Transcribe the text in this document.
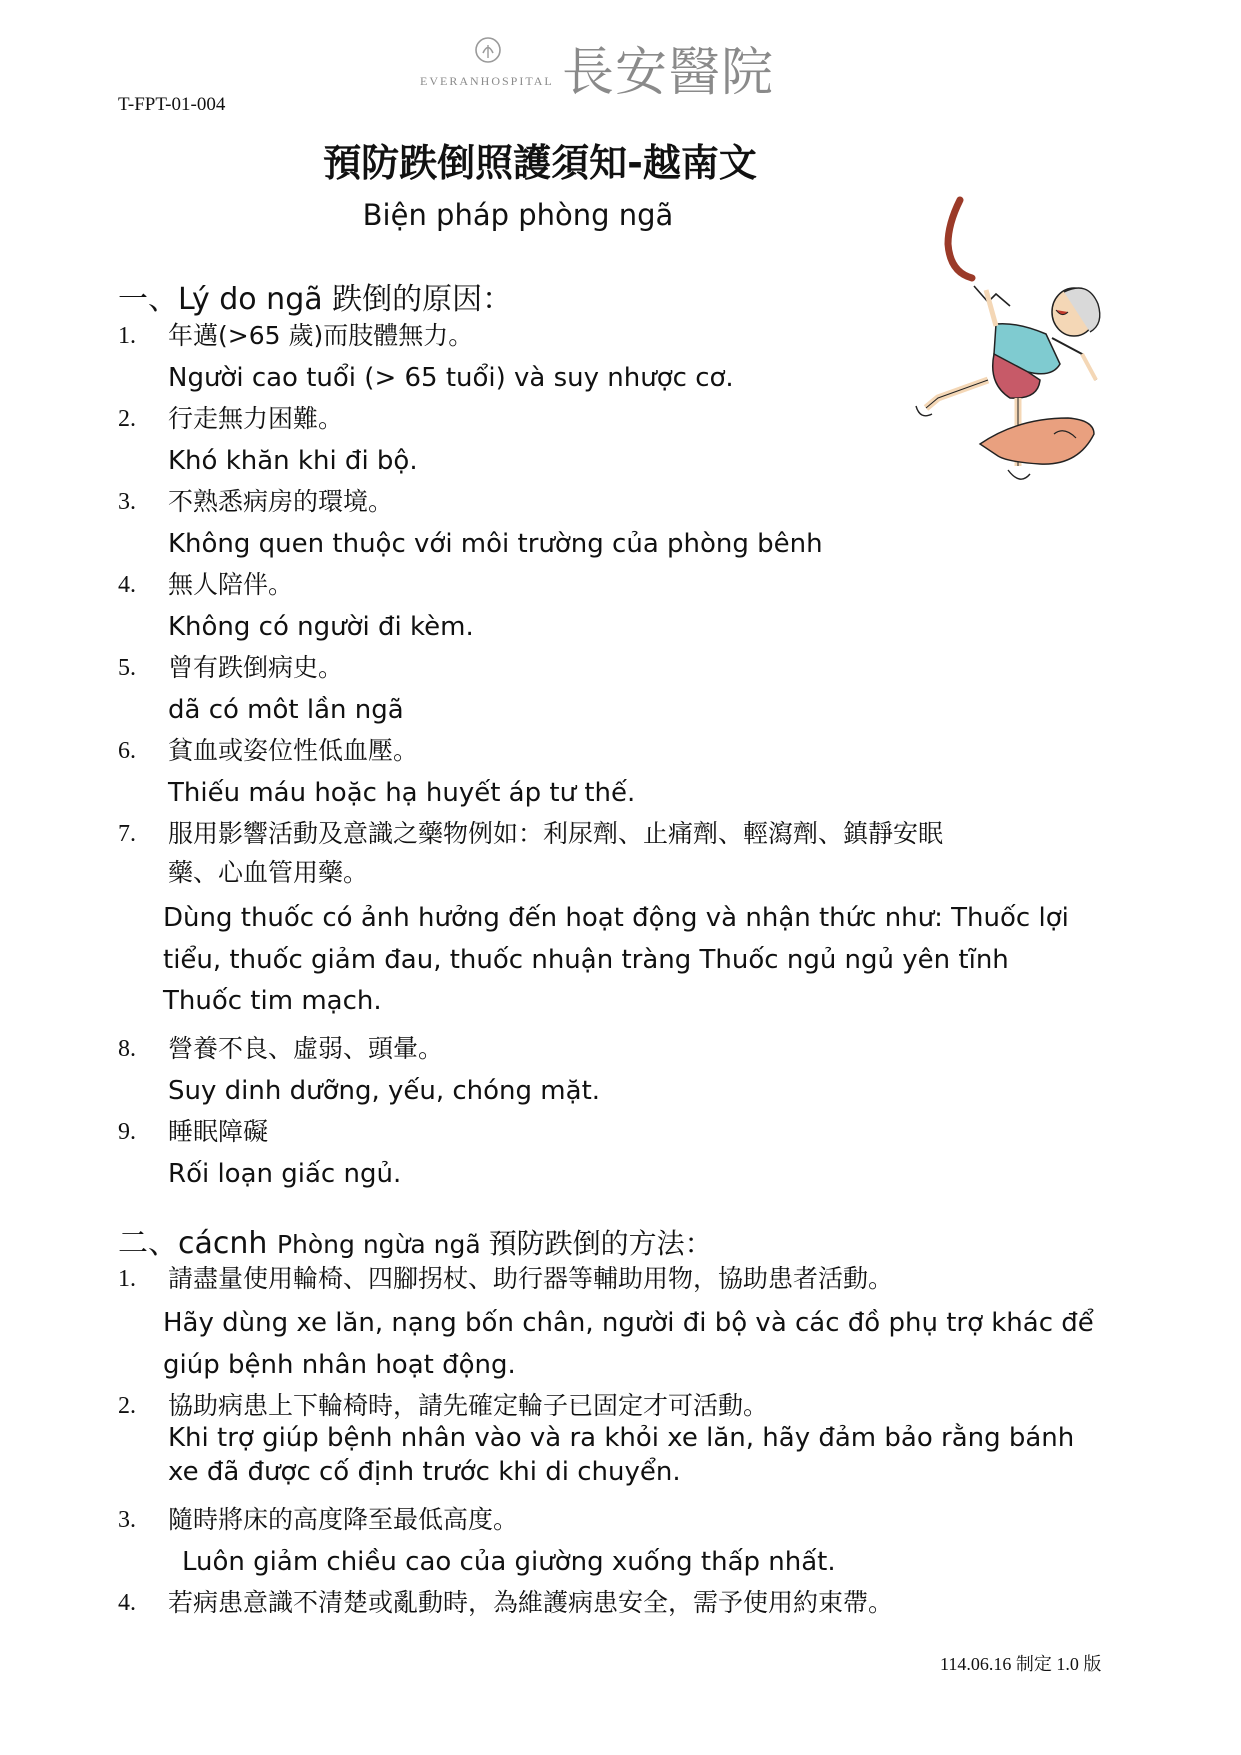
T-FPT-01-004
EVERANHOSPITAL 長安醫院
預防跌倒照護須知-越南文
Biện pháp phòng ngã
一、Lý do ngã 跌倒的原因：
1. 年邁(>65 歲)而肢體無力。
Người cao tuổi (> 65 tuổi) và suy nhược cơ.
2. 行走無力困難。
Khó khăn khi đi bộ.
3. 不熟悉病房的環境。
Không quen thuộc với môi trường của phòng bênh
4. 無人陪伴。
Không có người đi kèm.
5. 曾有跌倒病史。
dã có môt lần ngã
6. 貧血或姿位性低血壓。
Thiếu máu hoặc hạ huyết áp tư thế.
7. 服用影響活動及意識之藥物例如：利尿劑、止痛劑、輕瀉劑、鎮靜安眠
藥、心血管用藥。
Dùng thuốc có ảnh hưởng đến hoạt động và nhận thức như: Thuốc lợi
tiểu, thuốc giảm đau, thuốc nhuận tràng Thuốc ngủ ngủ yên tĩnh
Thuốc tim mạch.
8. 營養不良、虛弱、頭暈。
Suy dinh dưỡng, yếu, chóng mặt.
9. 睡眠障礙
Rối loạn giấc ngủ.
二、cácnh Phòng ngừa ngã 預防跌倒的方法：
1. 請盡量使用輪椅、四腳拐杖、助行器等輔助用物，協助患者活動。
Hãy dùng xe lăn, nạng bốn chân, người đi bộ và các đồ phụ trợ khác để
giúp bệnh nhân hoạt động.
2. 協助病患上下輪椅時，請先確定輪子已固定才可活動。
Khi trợ giúp bệnh nhân vào và ra khỏi xe lăn, hãy đảm bảo rằng bánh
xe đã được cố định trước khi di chuyển.
3. 隨時將床的高度降至最低高度。
Luôn giảm chiều cao của giường xuống thấp nhất.
4. 若病患意識不清楚或亂動時，為維護病患安全，需予使用約束帶。
114.06.16 制定 1.0 版
